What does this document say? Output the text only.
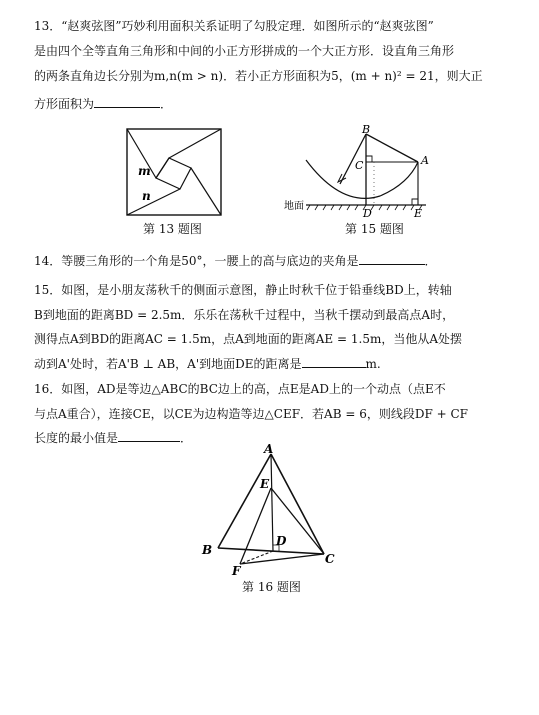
13．“赵爽弦图”巧妙利用面积关系证明了勾股定理．如图所示的“赵爽弦图”
是由四个全等直角三角形和中间的小正方形拼成的一个大正方形．设直角三角形
的两条直角边长分别为m,n(m > n)．若小正方形面积为5，(m + n)² = 21，则大正
方形面积为	．
m
n
第 13 题图
B
C	A
D	E
地面
第 15 题图
14．等腰三角形的一个角是50°，一腰上的高与底边的夹角是	．
15．如图，是小朋友荡秋千的侧面示意图，静止时秋千位于铅垂线BD上，转轴
B到地面的距离BD = 2.5m．乐乐在荡秋千过程中，当秋千摆动到最高点A时，
测得点A到BD的距离AC = 1.5m，点A到地面的距离AE = 1.5m，当他从A处摆
动到A'处时，若A'B ⊥ AB，A'到地面DE的距离是	m.
16．如图，AD是等边△ABC的BC边上的高，点E是AD上的一个动点（点E不
与点A重合），连接CE，以CE为边构造等边△CEF．若AB = 6，则线段DF + CF
长度的最小值是	．
A
E
D
B
C
F
第 16 题图
